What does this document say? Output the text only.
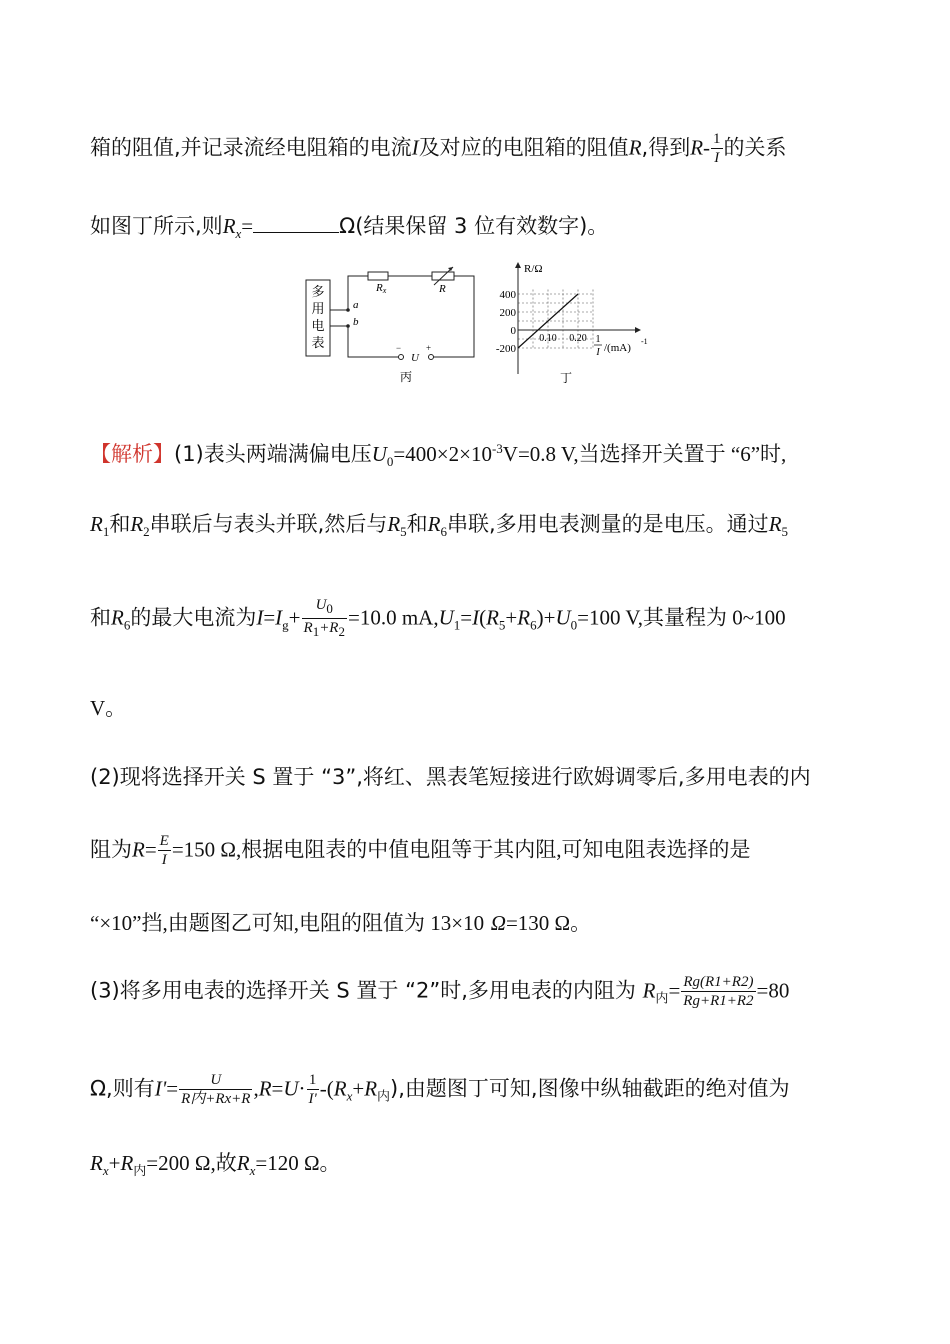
箱的阻值,并记录流经电阻箱的电流I及对应的电阻箱的阻值R,得到$R- \frac{1}{I}$ 的关系
如图丁所示,则$R_x=$	Ω(结果保留 3 位有效数字)。
多
用
电
表
a
b
Rx	R
−	+
U
丙
R/Ω
400
200
0
-200
0.10 0.20 1
I /(mA)
-1
丁
【解析】(1)表头两端满偏电压$U_0=400\times 2\times 10^{-3}V=0.8$ V,当选择开关置于 “6”时,
$R_1$和$R_2$串联后与表头并联,然后与$R_5$和$R_6$串联,多用电表测量的是电压。通过$R_5$
和$R_6$的最大电流为$I=I_g+ \frac{U_0}{R_1+R_2} =10.0$ $mA,U_1=I(R_5+R_6)+U_0=100$ V,其量程为 0~100
V。
(2)现将选择开关 S 置于 “3”,将红、黑表笔短接进行欧姆调零后,多用电表的内
阻为$R= \frac{E}{I} =150$ Ω,根据电阻表的中值电阻等于其内阻,可知电阻表选择的是
“×10”挡,由题图乙可知,电阻的阻值为 13×10 Ω=130 Ω。
(3)将多用电表的选择开关 S 置于 “2”时,多用电表的内阻为 $R_内= \frac{Rg(R1+R2)}{Rg+R1+R2} =80$
Ω,则有$I'= \frac{U}{\text{R内+Rx+R}} ,R=U\cdot \frac{1}{I'} -(R_x+R_内)$,由题图丁可知,图像中纵轴截距的绝对值为
$R_x+R_内=200$ Ω,故$R_x=120$ Ω。
